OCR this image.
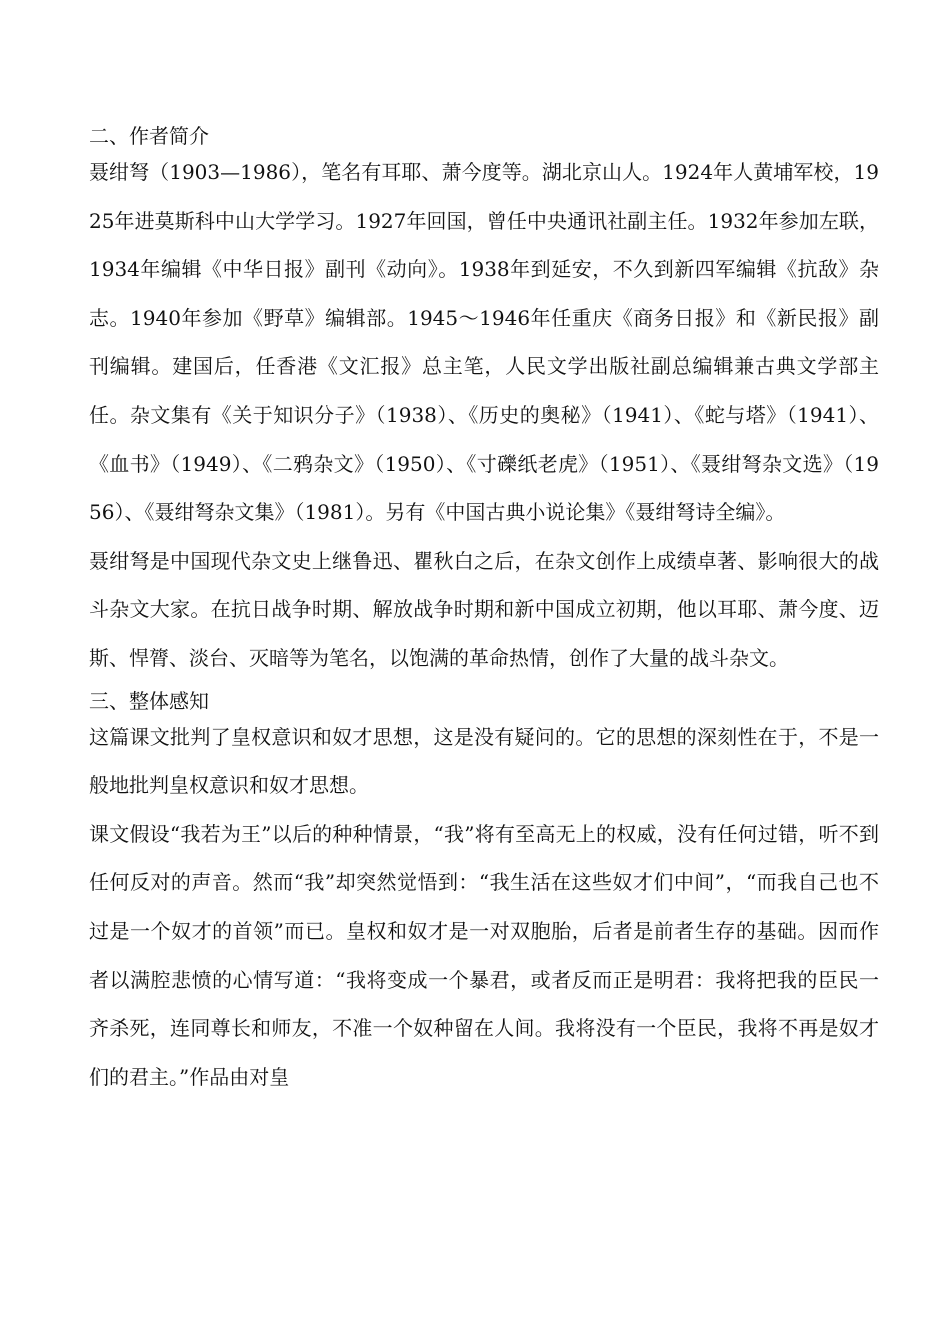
二、作者简介

聂绀弩（1903—1986），笔名有耳耶、萧今度等。湖北京山人。1924年人黄埔军校，1925年进莫斯科中山大学学习。1927年回国，曾任中央通讯社副主任。1932年参加左联，1934年编辑《中华日报》副刊《动向》。1938年到延安，不久到新四军编辑《抗敌》杂志。1940年参加《野草》编辑部。1945～1946年任重庆《商务日报》和《新民报》副刊编辑。建国后，任香港《文汇报》总主笔，人民文学出版社副总编辑兼古典文学部主任。杂文集有《关于知识分子》（1938）、《历史的奥秘》（1941）、《蛇与塔》（1941）、《血书》（1949）、《二鸦杂文》（1950）、《寸礫纸老虎》（1951）、《聂绀弩杂文选》（1956）、《聂绀弩杂文集》（1981）。另有《中国古典小说论集》《聂绀弩诗全编》。

聂绀弩是中国现代杂文史上继鲁迅、瞿秋白之后，在杂文创作上成绩卓著、影响很大的战斗杂文大家。在抗日战争时期、解放战争时期和新中国成立初期，他以耳耶、萧今度、迈斯、悍膂、淡台、灭暗等为笔名，以饱满的革命热情，创作了大量的战斗杂文。

三、整体感知

这篇课文批判了皇权意识和奴才思想，这是没有疑问的。它的思想的深刻性在于，不是一般地批判皇权意识和奴才思想。

课文假设“我若为王”以后的种种情景，“我”将有至高无上的权威，没有任何过错，听不到任何反对的声音。然而“我”却突然觉悟到：“我生活在这些奴才们中间”，“而我自己也不过是一个奴才的首领”而已。皇权和奴才是一对双胞胎，后者是前者生存的基础。因而作者以满腔悲愤的心情写道：“我将变成一个暴君，或者反而正是明君：我将把我的臣民一齐杀死，连同尊长和师友，不准一个奴种留在人间。我将没有一个臣民，我将不再是奴才们的君主。”作品由对皇
